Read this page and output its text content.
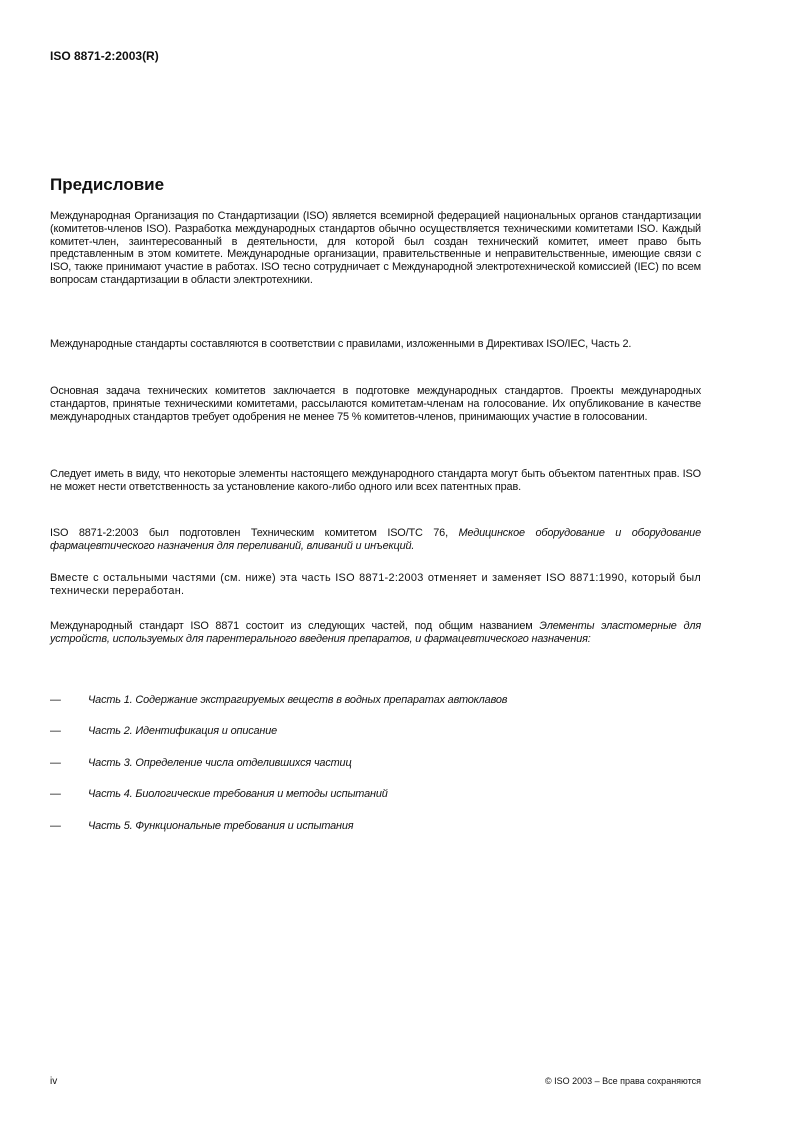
ISO 8871-2:2003(R)
Предисловие

Международная Организация по Стандартизации (ISO) является всемирной федерацией национальных органов стандартизации (комитетов-членов ISO). Разработка международных стандартов обычно осуществляется техническими комитетами ISO. Каждый комитет-член, заинтересованный в деятельности, для которой был создан технический комитет, имеет право быть представленным в этом комитете. Международные организации, правительственные и неправительственные, имеющие связи с ISO, также принимают участие в работах. ISO тесно сотрудничает с Международной электротехнической комиссией (IEC) по всем вопросам стандартизации в области электротехники.

Международные стандарты составляются в соответствии с правилами, изложенными в Директивах ISO/IEC, Часть 2.

Основная задача технических комитетов заключается в подготовке международных стандартов. Проекты международных стандартов, принятые техническими комитетами, рассылаются комитетам-членам на голосование. Их опубликование в качестве международных стандартов требует одобрения не менее 75 % комитетов-членов, принимающих участие в голосовании.

Следует иметь в виду, что некоторые элементы настоящего международного стандарта могут быть объектом патентных прав. ISO не может нести ответственность за установление какого-либо одного или всех патентных прав.

ISO 8871-2:2003 был подготовлен Техническим комитетом ISO/TC 76, Медицинское оборудование и оборудование фармацевтического назначения для переливаний, вливаний и инъекций.

Вместе с остальными частями (см. ниже) эта часть ISO 8871-2:2003 отменяет и заменяет ISO 8871:1990, который был технически переработан.

Международный стандарт ISO 8871 состоит из следующих частей, под общим названием Элементы эластомерные для устройств, используемых для парентерального введения препаратов, и фармацевтического назначения:

—	Часть 1. Содержание экстрагируемых веществ в водных препаратах автоклавов
—	Часть 2. Идентификация и описание
—	Часть 3. Определение числа отделившихся частиц
—	Часть 4. Биологические требования и методы испытаний
—	Часть 5. Функциональные требования и испытания
iv	© ISO 2003 – Все права сохраняются
